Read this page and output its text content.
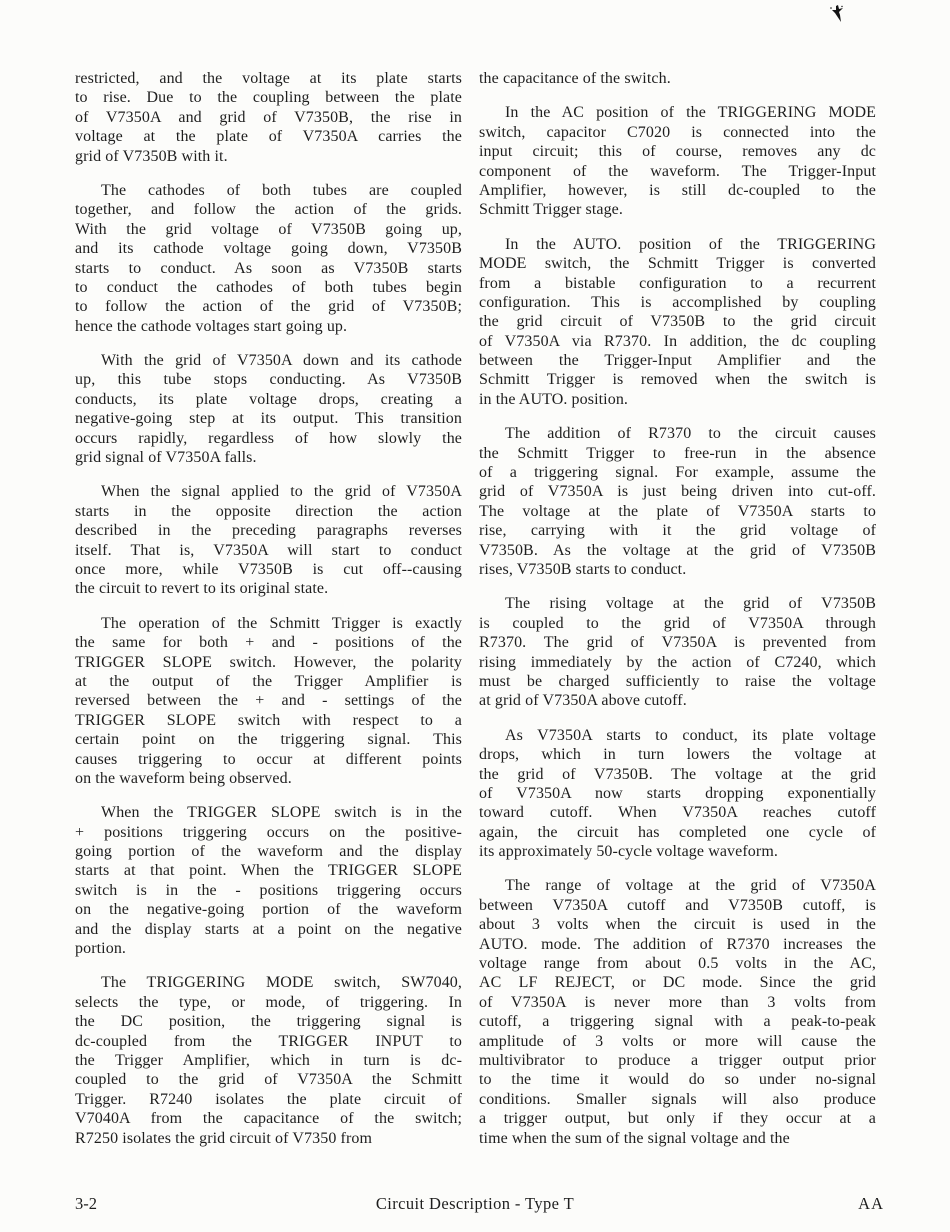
restricted, and the voltage at its plate starts
to rise. Due to the coupling between the plate
of V7350A and grid of V7350B, the rise in
voltage at the plate of V7350A carries the
grid of V7350B with it.
The cathodes of both tubes are coupled
together, and follow the action of the grids.
With the grid voltage of V7350B going up,
and its cathode voltage going down, V7350B
starts to conduct. As soon as V7350B starts
to conduct the cathodes of both tubes begin
to follow the action of the grid of V7350B;
hence the cathode voltages start going up.
With the grid of V7350A down and its cathode
up, this tube stops conducting. As V7350B
conducts, its plate voltage drops, creating a
negative-going step at its output. This transition
occurs rapidly, regardless of how slowly the
grid signal of V7350A falls.
When the signal applied to the grid of V7350A
starts in the opposite direction the action
described in the preceding paragraphs reverses
itself. That is, V7350A will start to conduct
once more, while V7350B is cut off--causing
the circuit to revert to its original state.
The operation of the Schmitt Trigger is exactly
the same for both + and - positions of the
TRIGGER SLOPE switch. However, the polarity
at the output of the Trigger Amplifier is
reversed between the + and - settings of the
TRIGGER SLOPE switch with respect to a
certain point on the triggering signal. This
causes triggering to occur at different points
on the waveform being observed.
When the TRIGGER SLOPE switch is in the
+ positions triggering occurs on the positive-
going portion of the waveform and the display
starts at that point. When the TRIGGER SLOPE
switch is in the - positions triggering occurs
on the negative-going portion of the waveform
and the display starts at a point on the negative
portion.
The TRIGGERING MODE switch, SW7040,
selects the type, or mode, of triggering. In
the DC position, the triggering signal is
dc-coupled from the TRIGGER INPUT to
the Trigger Amplifier, which in turn is dc-
coupled to the grid of V7350A the Schmitt
Trigger. R7240 isolates the plate circuit of
V7040A from the capacitance of the switch;
R7250 isolates the grid circuit of V7350 from
the capacitance of the switch.
In the AC position of the TRIGGERING MODE
switch, capacitor C7020 is connected into the
input circuit; this of course, removes any dc
component of the waveform. The Trigger-Input
Amplifier, however, is still dc-coupled to the
Schmitt Trigger stage.
In the AUTO. position of the TRIGGERING
MODE switch, the Schmitt Trigger is converted
from a bistable configuration to a recurrent
configuration. This is accomplished by coupling
the grid circuit of V7350B to the grid circuit
of V7350A via R7370. In addition, the dc coupling
between the Trigger-Input Amplifier and the
Schmitt Trigger is removed when the switch is
in the AUTO. position.
The addition of R7370 to the circuit causes
the Schmitt Trigger to free-run in the absence
of a triggering signal. For example, assume the
grid of V7350A is just being driven into cut-off.
The voltage at the plate of V7350A starts to
rise, carrying with it the grid voltage of
V7350B. As the voltage at the grid of V7350B
rises, V7350B starts to conduct.
The rising voltage at the grid of V7350B
is coupled to the grid of V7350A through
R7370. The grid of V7350A is prevented from
rising immediately by the action of C7240, which
must be charged sufficiently to raise the voltage
at grid of V7350A above cutoff.
As V7350A starts to conduct, its plate voltage
drops, which in turn lowers the voltage at
the grid of V7350B. The voltage at the grid
of V7350A now starts dropping exponentially
toward cutoff. When V7350A reaches cutoff
again, the circuit has completed one cycle of
its approximately 50-cycle voltage waveform.
The range of voltage at the grid of V7350A
between V7350A cutoff and V7350B cutoff, is
about 3 volts when the circuit is used in the
AUTO. mode. The addition of R7370 increases the
voltage range from about 0.5 volts in the AC,
AC LF REJECT, or DC mode. Since the grid
of V7350A is never more than 3 volts from
cutoff, a triggering signal with a peak-to-peak
amplitude of 3 volts or more will cause the
multivibrator to produce a trigger output prior
to the time it would do so under no-signal
conditions. Smaller signals will also produce
a trigger output, but only if they occur at a
time when the sum of the signal voltage and the
3-2	Circuit Description - Type T	AA
